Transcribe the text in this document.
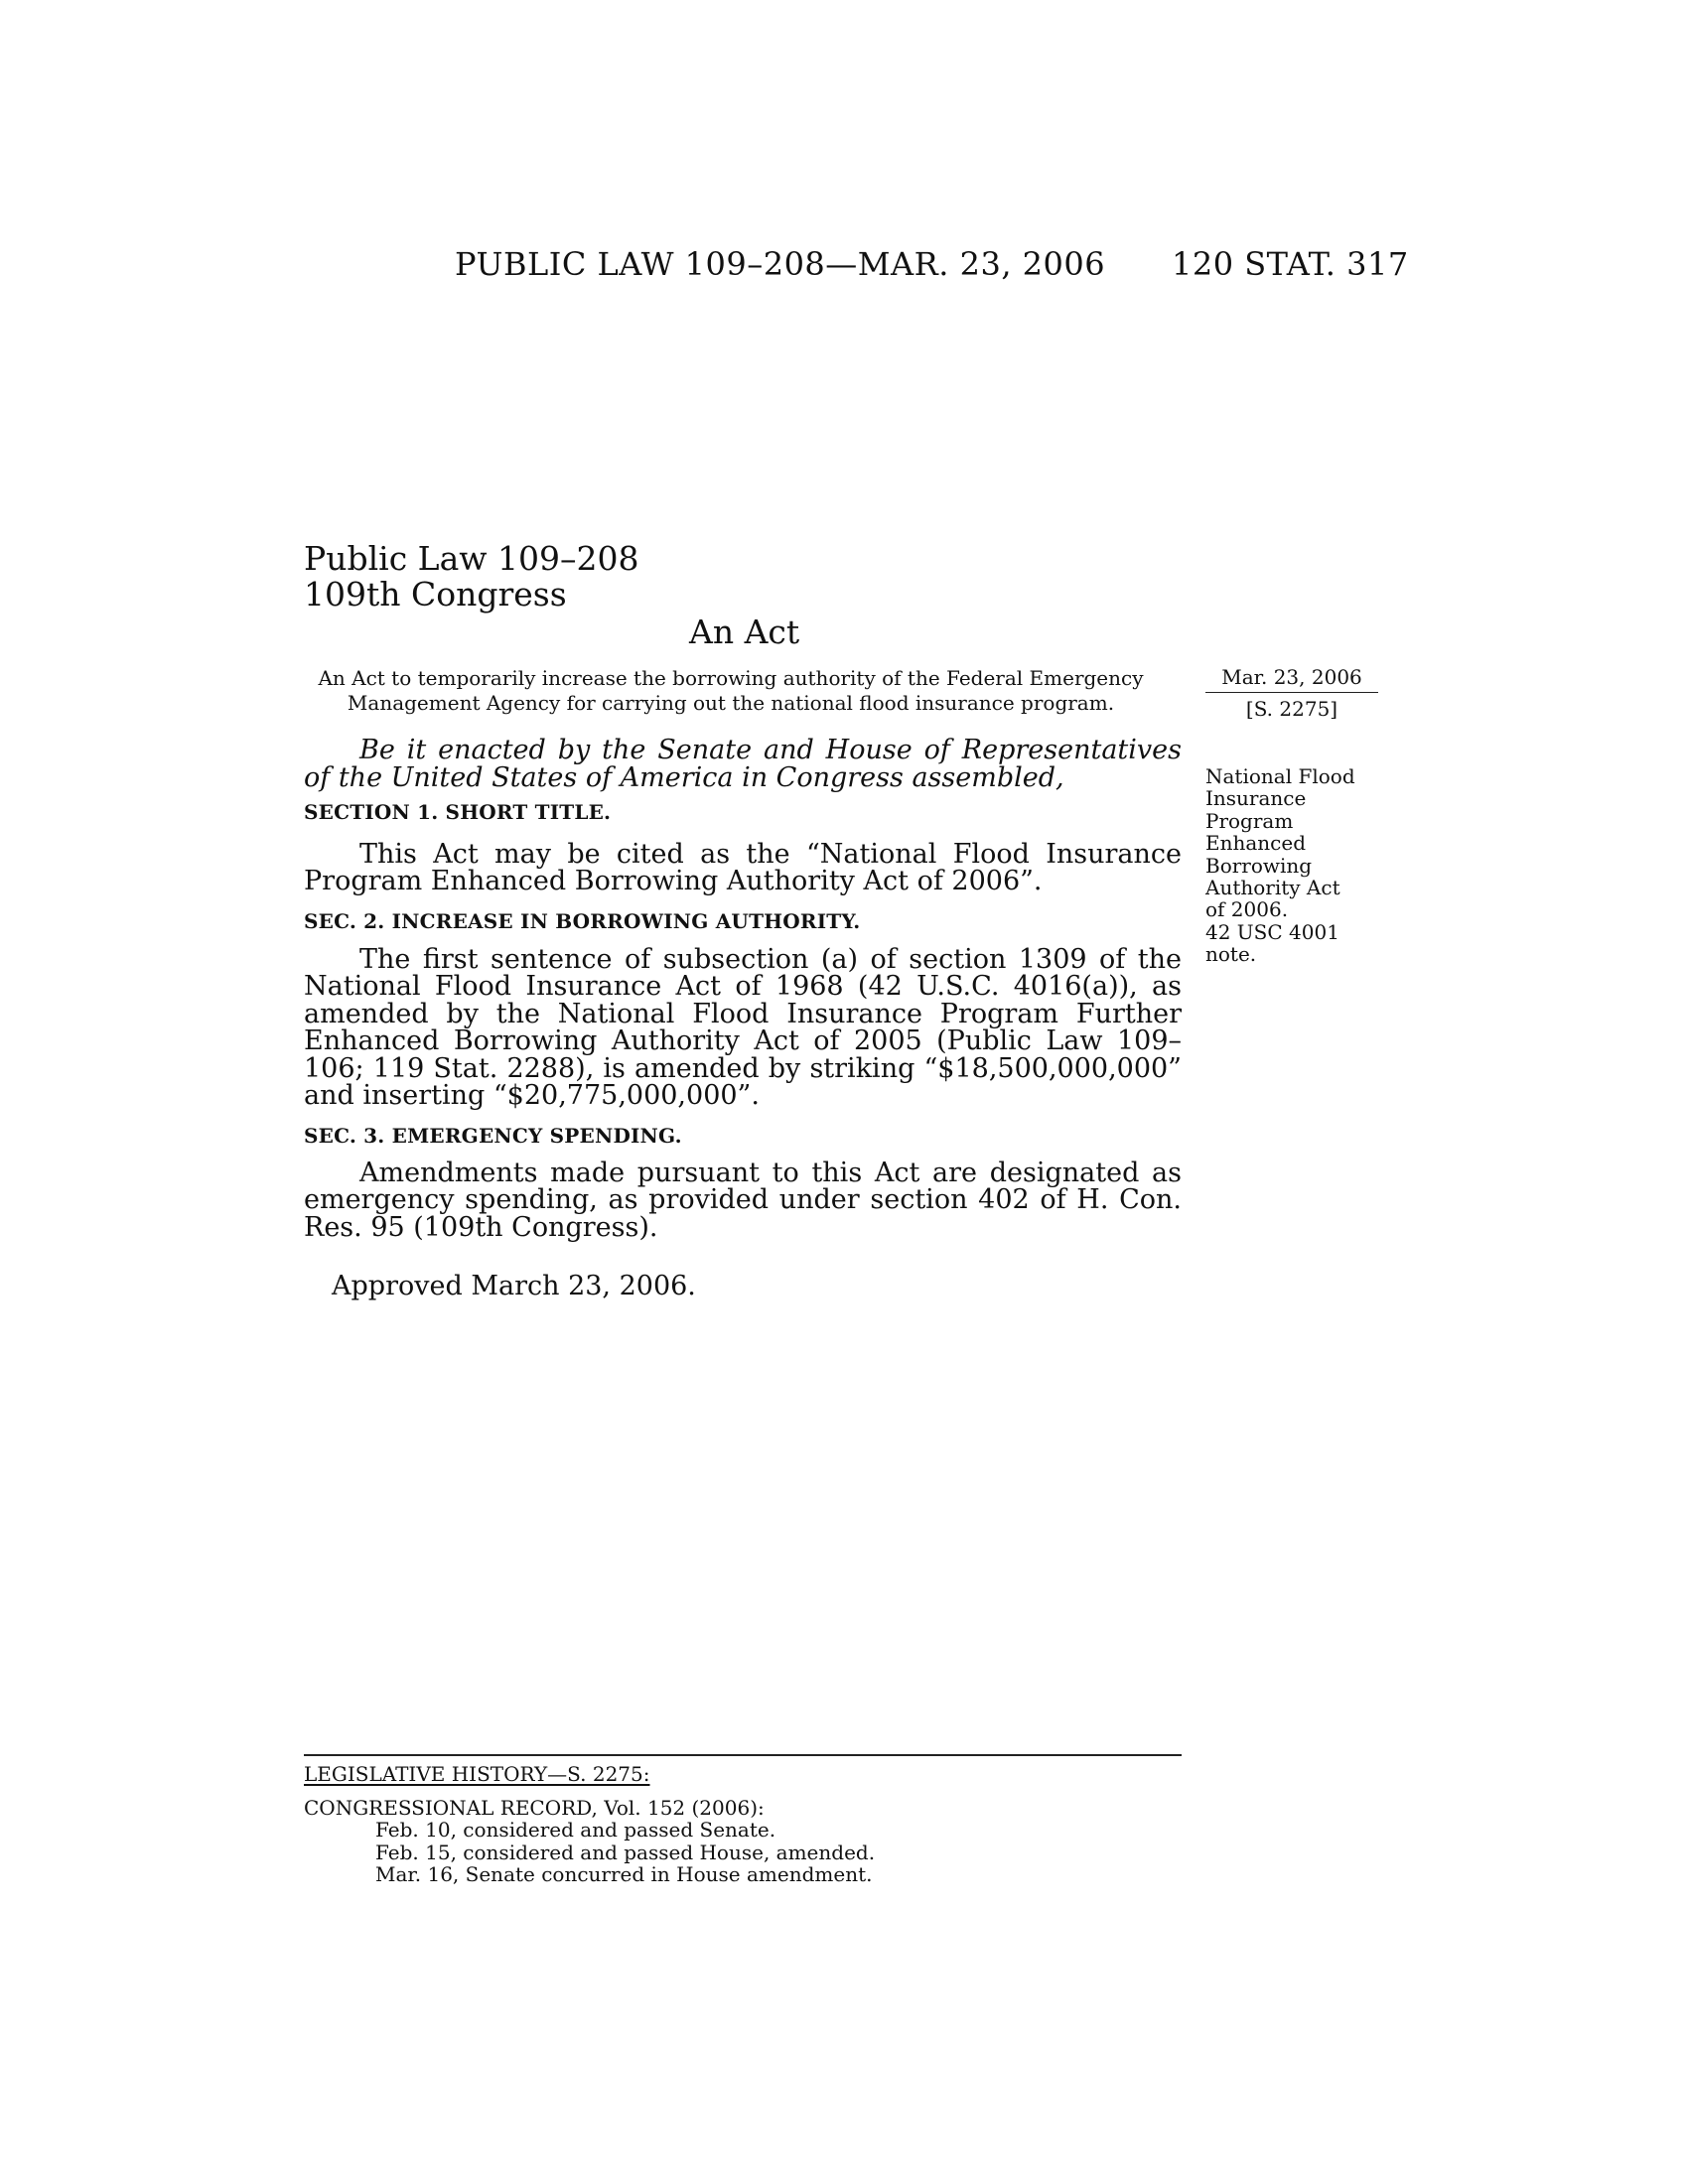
PUBLIC LAW 109–208—MAR. 23, 2006 120 STAT. 317
Public Law 109–208
109th Congress
An Act
An Act to temporarily increase the borrowing authority of the Federal Emergency Management Agency for carrying out the national flood insurance program.
Mar. 23, 2006
[S. 2275]
National Flood
Insurance
Program
Enhanced
Borrowing
Authority Act
of 2006.
42 USC 4001
note.

Be it enacted by the Senate and House of Representatives of the United States of America in Congress assembled,

SECTION 1. SHORT TITLE.

This Act may be cited as the “National Flood Insurance Program Enhanced Borrowing Authority Act of 2006”.

SEC. 2. INCREASE IN BORROWING AUTHORITY.

The first sentence of subsection (a) of section 1309 of the National Flood Insurance Act of 1968 (42 U.S.C. 4016(a)), as amended by the National Flood Insurance Program Further Enhanced Borrowing Authority Act of 2005 (Public Law 109–106; 119 Stat. 2288), is amended by striking “$18,500,000,000” and inserting “$20,775,000,000”.

SEC. 3. EMERGENCY SPENDING.

Amendments made pursuant to this Act are designated as emergency spending, as provided under section 402 of H. Con. Res. 95 (109th Congress).

Approved March 23, 2006.
LEGISLATIVE HISTORY—S. 2275:
CONGRESSIONAL RECORD, Vol. 152 (2006):
Feb. 10, considered and passed Senate.
Feb. 15, considered and passed House, amended.
Mar. 16, Senate concurred in House amendment.
